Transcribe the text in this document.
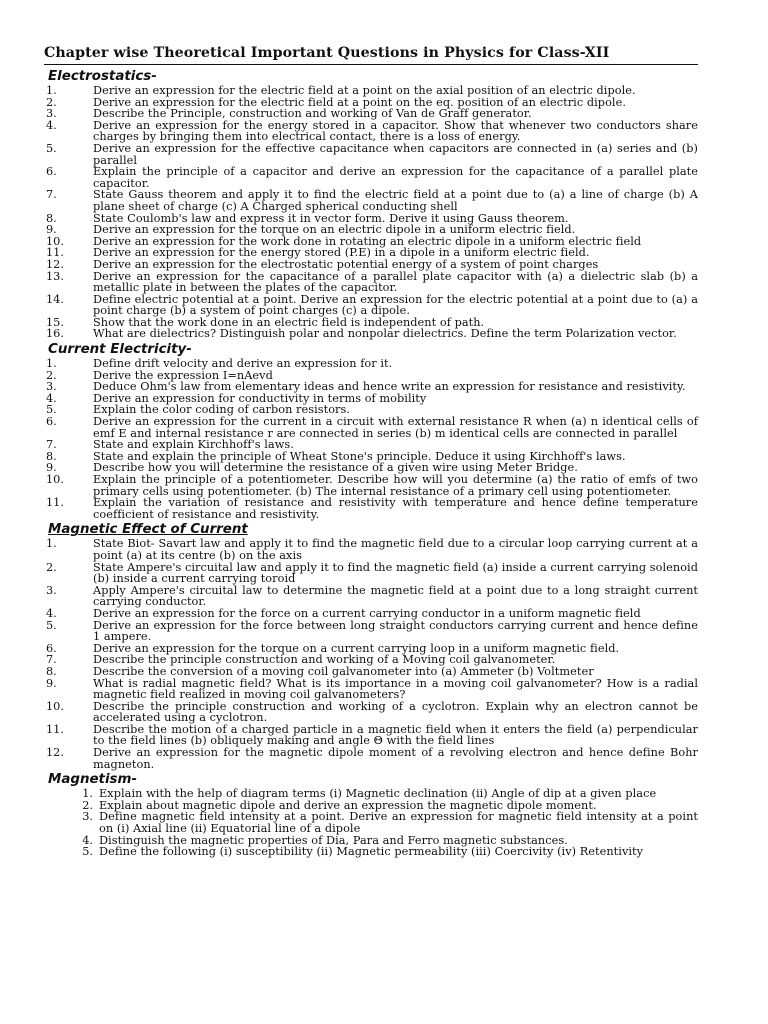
Chapter wise Theoretical Important Questions in Physics for Class-XII
Electrostatics-
1.	Derive an expression for the electric field at a point on the axial position of an electric dipole.
2.	Derive an expression for the electric field at a point on the eq. position of an electric dipole.
3.	Describe the Principle, construction and working of Van de Graff generator.
4.	Derive an expression for the energy stored in a capacitor. Show that whenever two conductors share charges by bringing them into electrical contact, there is a loss of energy.
5.	Derive an expression for the effective capacitance when capacitors are connected in (a) series and (b) parallel
6.	Explain the principle of a capacitor and derive an expression for the capacitance of a parallel plate capacitor.
7.	State Gauss theorem and apply it to find the electric field at a point due to (a) a line of charge (b) A plane sheet of charge (c) A Charged spherical conducting shell
8.	State Coulomb's law and express it in vector form. Derive it using Gauss theorem.
9.	Derive an expression for the torque on an electric dipole in a uniform electric field.
10.	Derive an expression for the work done in rotating an electric dipole in a uniform electric field
11.	Derive an expression for the energy stored (P.E) in a dipole in a uniform electric field.
12.	Derive an expression for the electrostatic potential energy of a system of point charges
13.	Derive an expression for the capacitance of a parallel plate capacitor with (a) a dielectric slab (b) a metallic plate in between the plates of the capacitor.
14.	Define electric potential at a point. Derive an expression for the electric potential at a point due to (a) a point charge (b) a system of point charges (c) a dipole.
15.	Show that the work done in an electric field is independent of path.
16.	What are dielectrics? Distinguish polar and nonpolar dielectrics. Define the term Polarization vector.
Current Electricity-
1.	Define drift velocity and derive an expression for it.
2.	Derive the expression I=nAevd
3.	Deduce Ohm's law from elementary ideas and hence write an expression for resistance and resistivity.
4.	Derive an expression for conductivity in terms of mobility
5.	Explain the color coding of carbon resistors.
6.	Derive an expression for the current in a circuit with external resistance R when (a) n identical cells of emf E and internal resistance r are connected in series (b) m identical cells are connected in parallel
7.	State and explain Kirchhoff's laws.
8.	State and explain the principle of Wheat Stone's principle. Deduce it using Kirchhoff's laws.
9.	Describe how you will determine the resistance of a given wire using Meter Bridge.
10.	Explain the principle of a potentiometer. Describe how will you determine (a) the ratio of emfs of two primary cells using potentiometer. (b) The internal resistance of a primary cell using potentiometer.
11.	Explain the variation of resistance and resistivity with temperature and hence define temperature coefficient of resistance and resistivity.
Magnetic Effect of Current
1.	State Biot- Savart law and apply it to find the magnetic field due to a circular loop carrying current at a point (a) at its centre (b) on the axis
2.	State Ampere's circuital law and apply it to find the magnetic field (a) inside a current carrying solenoid (b) inside a current carrying toroid
3.	Apply Ampere's circuital law to determine the magnetic field at a point due to a long straight current carrying conductor.
4.	Derive an expression for the force on a current carrying conductor in a uniform magnetic field
5.	Derive an expression for the force between long straight conductors carrying current and hence define 1 ampere.
6.	Derive an expression for the torque on a current carrying loop in a uniform magnetic field.
7.	Describe the principle construction and working of a Moving coil galvanometer.
8.	Describe the conversion of a moving coil galvanometer into (a) Ammeter (b) Voltmeter
9.	What is radial magnetic field? What is its importance in a moving coil galvanometer? How is a radial magnetic field realized in moving coil galvanometers?
10.	Describe the principle construction and working of a cyclotron. Explain why an electron cannot be accelerated using a cyclotron.
11.	Describe the motion of a charged particle in a magnetic field when it enters the field (a) perpendicular to the field lines (b) obliquely making and angle Θ with the field lines
12.	Derive an expression for the magnetic dipole moment of a revolving electron and hence define Bohr magneton.
Magnetism-
1. Explain with the help of diagram terms (i) Magnetic declination (ii) Angle of dip at a given place
2. Explain about magnetic dipole and derive an expression the magnetic dipole moment.
3. Define magnetic field intensity at a point. Derive an expression for magnetic field intensity at a point on (i) Axial line (ii) Equatorial line of a dipole
4. Distinguish the magnetic properties of Dia, Para and Ferro magnetic substances.
5. Define the following (i) susceptibility (ii) Magnetic permeability (iii) Coercivity (iv) Retentivity
